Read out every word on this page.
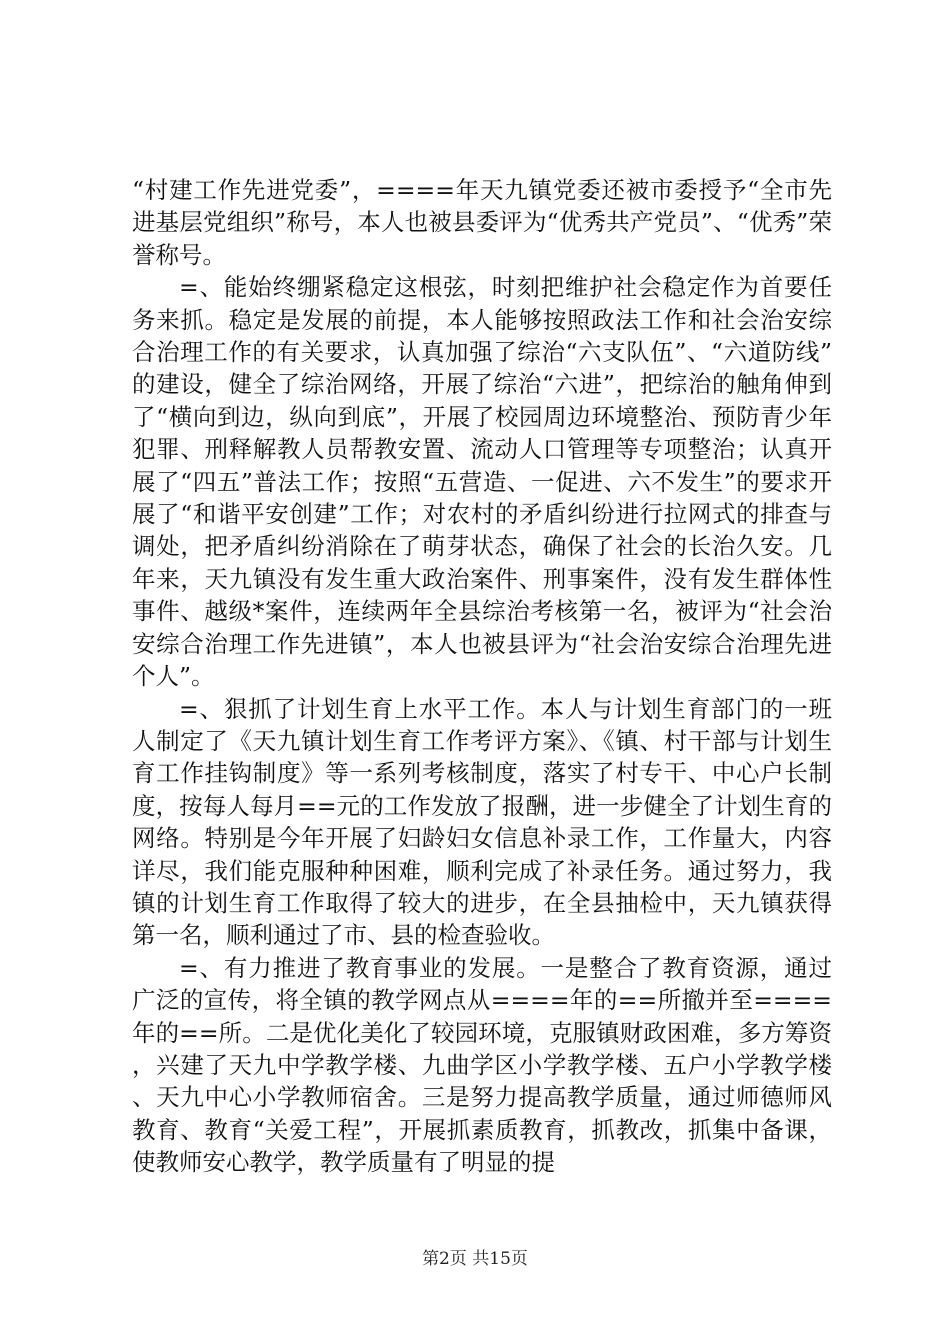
“村建工作先进党委”，====年天九镇党委还被市委授予“全市先进基层党组织”称号，本人也被县委评为“优秀共产党员”、“优秀”荣誉称号。

=、能始终绷紧稳定这根弦，时刻把维护社会稳定作为首要任务来抓。稳定是发展的前提，本人能够按照政法工作和社会治安综合治理工作的有关要求，认真加强了综治“六支队伍”、“六道防线”的建设，健全了综治网络，开展了综治“六进”，把综治的触角伸到了“横向到边，纵向到底”，开展了校园周边环境整治、预防青少年犯罪、刑释解教人员帮教安置、流动人口管理等专项整治；认真开展了“四五”普法工作；按照“五营造、一促进、六不发生”的要求开展了“和谐平安创建”工作；对农村的矛盾纠纷进行拉网式的排查与调处，把矛盾纠纷消除在了萌芽状态，确保了社会的长治久安。几年来，天九镇没有发生重大政治案件、刑事案件，没有发生群体性事件、越级*案件，连续两年全县综治考核第一名，被评为“社会治安综合治理工作先进镇”，本人也被县评为“社会治安综合治理先进个人”。

=、狠抓了计划生育上水平工作。本人与计划生育部门的一班人制定了《天九镇计划生育工作考评方案》、《镇、村干部与计划生育工作挂钩制度》等一系列考核制度，落实了村专干、中心户长制度，按每人每月==元的工作发放了报酬，进一步健全了计划生育的网络。特别是今年开展了妇龄妇女信息补录工作，工作量大，内容详尽，我们能克服种种困难，顺利完成了补录任务。通过努力，我镇的计划生育工作取得了较大的进步，在全县抽检中，天九镇获得第一名，顺利通过了市、县的检查验收。

=、有力推进了教育事业的发展。一是整合了教育资源，通过广泛的宣传，将全镇的教学网点从====年的==所撤并至====年的==所。二是优化美化了较园环境，克服镇财政困难，多方筹资，兴建了天九中学教学楼、九曲学区小学教学楼、五户小学教学楼、天九中心小学教师宿舍。三是努力提高教学质量，通过师德师风教育、教育“关爱工程”，开展抓素质教育，抓教改，抓集中备课，使教师安心教学，教学质量有了明显的提

第2页 共15页
